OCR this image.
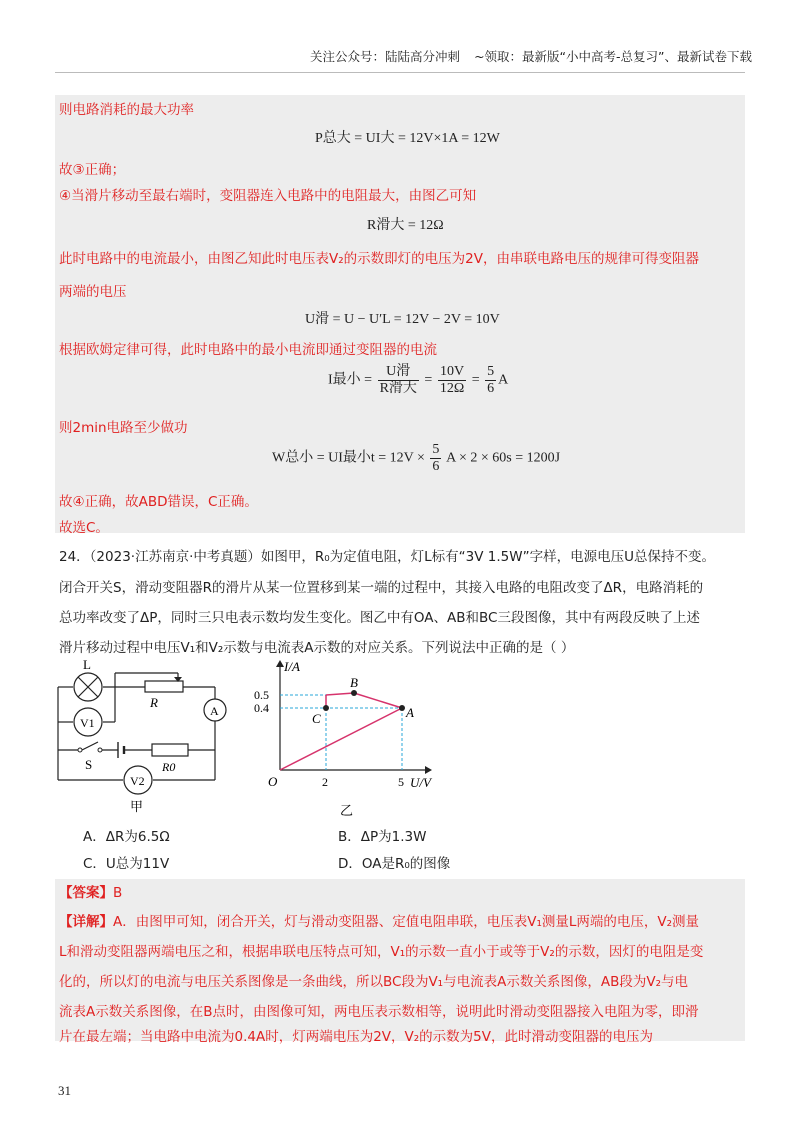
关注公众号：陆陆高分冲刺 ~领取：最新版“小中高考-总复习”、最新试卷下载
则电路消耗的最大功率
P总大 = UI大 = 12V×1A = 12W
故③正确；
④当滑片移动至最右端时，变阻器连入电路中的电阻最大，由图乙可知
R滑大 = 12Ω
此时电路中的电流最小，由图乙知此时电压表V₂的示数即灯的电压为2V，由串联电路电压的规律可得变阻器
两端的电压
U滑 = U − U′L = 12V − 2V = 10V
根据欧姆定律可得，此时电路中的最小电流即通过变阻器的电流
I最小 = $\frac{\text{U滑}}{\text{R滑大}} = \frac{10V}{12\Omega} = \frac{5}{6}$ A
则2min电路至少做功
W总小 = UI最小$t = 12V \times \frac{5}{6}$ A × 2 × 60s = 1200J
故④正确，故ABD错误，C正确。
故选C。
24．（2023·江苏南京·中考真题）如图甲，R₀为定值电阻，灯L标有“3V 1.5W”字样，电源电压U总保持不变。
闭合开关S，滑动变阻器R的滑片从某一位置移到某一端的过程中，其接入电路的电阻改变了ΔR，电路消耗的
总功率改变了ΔP，同时三只电表示数均发生变化。图乙中有OA、AB和BC三段图像，其中有两段反映了上述
滑片移动过程中电压V₁和V₂示数与电流表A示数的对应关系。下列说法中正确的是（ ）
L
R
V1
A
S	R0
V2
甲
I/A
U/V
0.5
0.4
2	5
O
B
C	A
乙
A．ΔR为6.5Ω	B．ΔP为1.3W
C．U总为11V	D．OA是R₀的图像
【答案】B
【详解】A．由图甲可知，闭合开关，灯与滑动变阻器、定值电阻串联，电压表V₁测量L两端的电压，V₂测量
L和滑动变阻器两端电压之和，根据串联电压特点可知，V₁的示数一直小于或等于V₂的示数，因灯的电阻是变
化的，所以灯的电流与电压关系图像是一条曲线，所以BC段为V₁与电流表A示数关系图像，AB段为V₂与电
流表A示数关系图像，在B点时，由图像可知，两电压表示数相等，说明此时滑动变阻器接入电阻为零，即滑
片在最左端；当电路中电流为0.4A时，灯两端电压为2V，V₂的示数为5V，此时滑动变阻器的电压为
31
